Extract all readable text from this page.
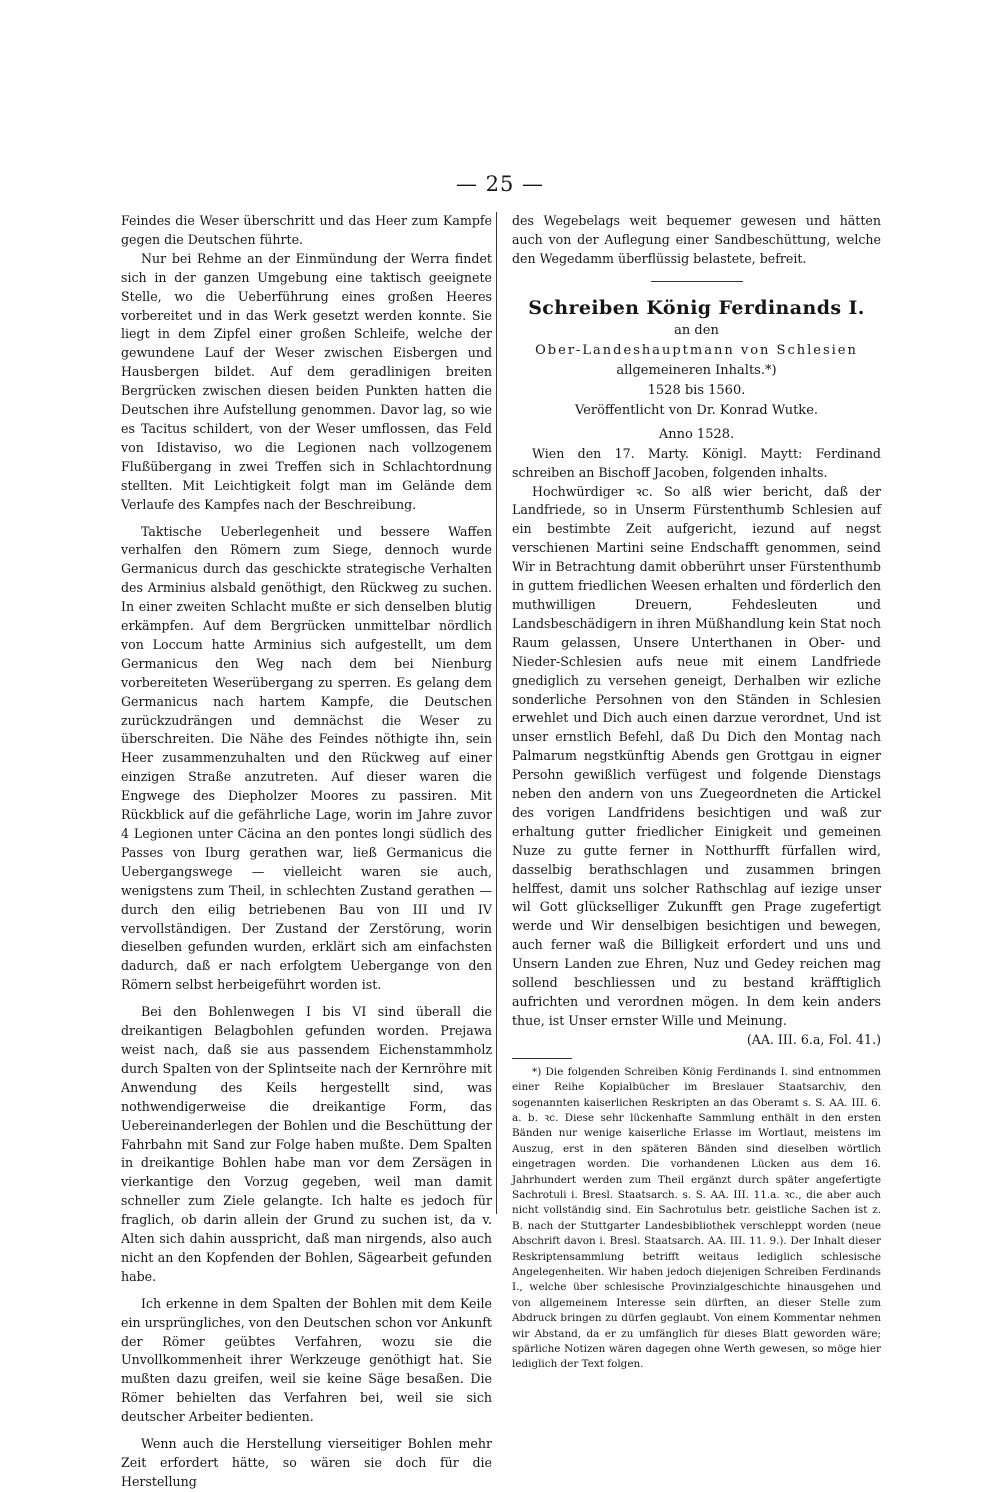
— 25 —

Feindes die Weser überschritt und das Heer zum Kampfe gegen die Deutschen führte.

Nur bei Rehme an der Einmündung der Werra findet sich in der ganzen Umgebung eine taktisch geeignete Stelle, wo die Ueberführung eines großen Heeres vorbereitet und in das Werk gesetzt werden konnte. Sie liegt in dem Zipfel einer großen Schleife, welche der gewundene Lauf der Weser zwischen Eisbergen und Hausbergen bildet. Auf dem geradlinigen breiten Bergrücken zwischen diesen beiden Punkten hatten die Deutschen ihre Aufstellung genommen. Davor lag, so wie es Tacitus schildert, von der Weser umflossen, das Feld von Idistaviso, wo die Legionen nach vollzogenem Flußübergang in zwei Treffen sich in Schlachtordnung stellten. Mit Leichtigkeit folgt man im Gelände dem Verlaufe des Kampfes nach der Beschreibung.

Taktische Ueberlegenheit und bessere Waffen verhalfen den Römern zum Siege, dennoch wurde Germanicus durch das geschickte strategische Verhalten des Arminius alsbald genöthigt, den Rückweg zu suchen. In einer zweiten Schlacht mußte er sich denselben blutig erkämpfen. Auf dem Bergrücken unmittelbar nördlich von Loccum hatte Arminius sich aufgestellt, um dem Germanicus den Weg nach dem bei Nienburg vorbereiteten Weserübergang zu sperren. Es gelang dem Germanicus nach hartem Kampfe, die Deutschen zurückzudrängen und demnächst die Weser zu überschreiten. Die Nähe des Feindes nöthigte ihn, sein Heer zusammenzuhalten und den Rückweg auf einer einzigen Straße anzutreten. Auf dieser waren die Engwege des Diepholzer Moores zu passiren. Mit Rückblick auf die gefährliche Lage, worin im Jahre zuvor 4 Legionen unter Cäcina an den pontes longi südlich des Passes von Iburg gerathen war, ließ Germanicus die Uebergangswege — vielleicht waren sie auch, wenigstens zum Theil, in schlechten Zustand gerathen — durch den eilig betriebenen Bau von III und IV vervollständigen. Der Zustand der Zerstörung, worin dieselben gefunden wurden, erklärt sich am einfachsten dadurch, daß er nach erfolgtem Uebergange von den Römern selbst herbeigeführt worden ist.

Bei den Bohlenwegen I bis VI sind überall die dreikantigen Belagbohlen gefunden worden. Prejawa weist nach, daß sie aus passendem Eichenstammholz durch Spalten von der Splintseite nach der Kernröhre mit Anwendung des Keils hergestellt sind, was nothwendigerweise die dreikantige Form, das Uebereinanderlegen der Bohlen und die Beschüttung der Fahrbahn mit Sand zur Folge haben mußte. Dem Spalten in dreikantige Bohlen habe man vor dem Zersägen in vierkantige den Vorzug gegeben, weil man damit schneller zum Ziele gelangte. Ich halte es jedoch für fraglich, ob darin allein der Grund zu suchen ist, da v. Alten sich dahin ausspricht, daß man nirgends, also auch nicht an den Kopfenden der Bohlen, Sägearbeit gefunden habe.

Ich erkenne in dem Spalten der Bohlen mit dem Keile ein ursprüngliches, von den Deutschen schon vor Ankunft der Römer geübtes Verfahren, wozu sie die Unvollkommenheit ihrer Werkzeuge genöthigt hat. Sie mußten dazu greifen, weil sie keine Säge besaßen. Die Römer behielten das Verfahren bei, weil sie sich deutscher Arbeiter bedienten.

Wenn auch die Herstellung vierseitiger Bohlen mehr Zeit erfordert hätte, so wären sie doch für die Herstellung

des Wegebelags weit bequemer gewesen und hätten auch von der Auflegung einer Sandbeschüttung, welche den Wegedamm überflüssig belastete, befreit.

Schreiben König Ferdinands I.
an den
Ober-Landeshauptmann von Schlesien
allgemeineren Inhalts.*)
1528 bis 1560.
Veröffentlicht von Dr. Konrad Wutke.
Anno 1528.

Wien den 17. Marty. Königl. Maytt: Ferdinand schreiben an Bischoff Jacoben, folgenden inhalts.

Hochwürdiger ꝛc. So alß wier bericht, daß der Landfriede, so in Unserm Fürstenthumb Schlesien auf ein bestimbte Zeit aufgericht, iezund auf negst verschienen Martini seine Endschafft genommen, seind Wir in Betrachtung damit obberührt unser Fürstenthumb in guttem friedlichen Weesen erhalten und förderlich den muthwilligen Dreuern, Fehdesleuten und Landsbeschädigern in ihren Müßhandlung kein Stat noch Raum gelassen, Unsere Unterthanen in Ober- und Nieder-Schlesien aufs neue mit einem Landfriede gnediglich zu versehen geneigt, Derhalben wir ezliche sonderliche Persohnen von den Ständen in Schlesien erwehlet und Dich auch einen darzue verordnet, Und ist unser ernstlich Befehl, daß Du Dich den Montag nach Palmarum negstkünftig Abends gen Grottgau in eigner Persohn gewißlich verfügest und folgende Dienstags neben den andern von uns Zuegeordneten die Artickel des vorigen Landfridens besichtigen und waß zur erhaltung gutter friedlicher Einigkeit und gemeinen Nuze zu gutte ferner in Notthurfft fürfallen wird, dasselbig berathschlagen und zusammen bringen helffest, damit uns solcher Rathschlag auf iezige unser wil Gott glückselliger Zukunfft gen Prage zugefertigt werde und Wir denselbigen besichtigen und bewegen, auch ferner waß die Billigkeit erfordert und uns und Unsern Landen zue Ehren, Nuz und Gedey reichen mag sollend beschliessen und zu bestand kräfftiglich aufrichten und verordnen mögen. In dem kein anders thue, ist Unser ernster Wille und Meinung.

(AA. III. 6.a, Fol. 41.)

*) Die folgenden Schreiben König Ferdinands I. sind entnommen einer Reihe Kopialbücher im Breslauer Staatsarchiv, den sogenannten kaiserlichen Reskripten an das Oberamt s. S. AA. III. 6. a. b. ꝛc. Diese sehr lückenhafte Sammlung enthält in den ersten Bänden nur wenige kaiserliche Erlasse im Wortlaut, meistens im Auszug, erst in den späteren Bänden sind dieselben wörtlich eingetragen worden. Die vorhandenen Lücken aus dem 16. Jahrhundert werden zum Theil ergänzt durch später angefertigte Sachrotuli i. Bresl. Staatsarch. s. S. AA. III. 11.a. ꝛc., die aber auch nicht vollständig sind. Ein Sachrotulus betr. geistliche Sachen ist z. B. nach der Stuttgarter Landesbibliothek verschleppt worden (neue Abschrift davon i. Bresl. Staatsarch. AA. III. 11. 9.). Der Inhalt dieser Reskriptensammlung betrifft weitaus lediglich schlesische Angelegenheiten. Wir haben jedoch diejenigen Schreiben Ferdinands I., welche über schlesische Provinzialgeschichte hinausgehen und von allgemeinem Interesse sein dürften, an dieser Stelle zum Abdruck bringen zu dürfen geglaubt. Von einem Kommentar nehmen wir Abstand, da er zu umfänglich für dieses Blatt geworden wäre; spärliche Notizen wären dagegen ohne Werth gewesen, so möge hier lediglich der Text folgen.
